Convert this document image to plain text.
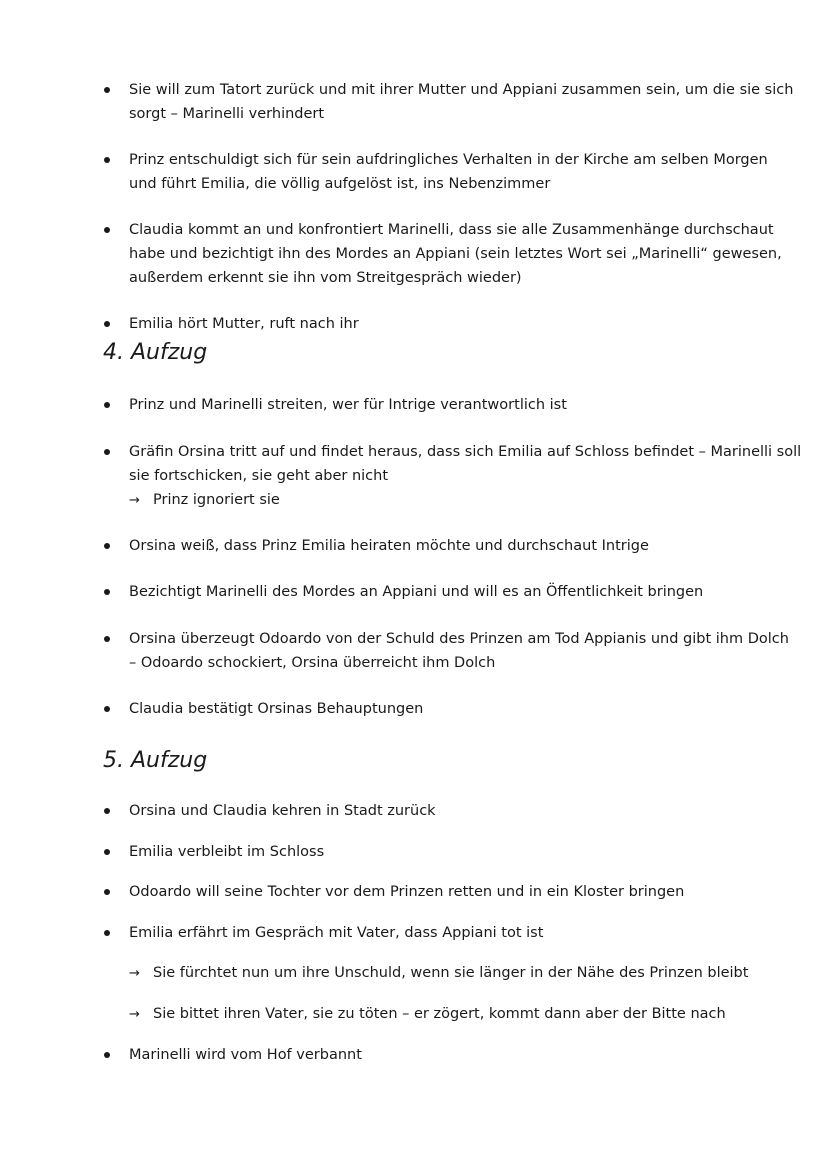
Sie will zum Tatort zurück und mit ihrer Mutter und Appiani zusammen sein, um die sie sich
sorgt – Marinelli verhindert
Prinz entschuldigt sich für sein aufdringliches Verhalten in der Kirche am selben Morgen
und führt Emilia, die völlig aufgelöst ist, ins Nebenzimmer
Claudia kommt an und konfrontiert Marinelli, dass sie alle Zusammenhänge durchschaut
habe und bezichtigt ihn des Mordes an Appiani (sein letztes Wort sei „Marinelli“ gewesen,
außerdem erkennt sie ihn vom Streitgespräch wieder)
Emilia hört Mutter, ruft nach ihr
4. Aufzug
Prinz und Marinelli streiten, wer für Intrige verantwortlich ist
Gräfin Orsina tritt auf und findet heraus, dass sich Emilia auf Schloss befindet – Marinelli soll
sie fortschicken, sie geht aber nicht
→ Prinz ignoriert sie
Orsina weiß, dass Prinz Emilia heiraten möchte und durchschaut Intrige
Bezichtigt Marinelli des Mordes an Appiani und will es an Öffentlichkeit bringen
Orsina überzeugt Odoardo von der Schuld des Prinzen am Tod Appianis und gibt ihm Dolch
– Odoardo schockiert, Orsina überreicht ihm Dolch
Claudia bestätigt Orsinas Behauptungen
5. Aufzug
Orsina und Claudia kehren in Stadt zurück
Emilia verbleibt im Schloss
Odoardo will seine Tochter vor dem Prinzen retten und in ein Kloster bringen
Emilia erfährt im Gespräch mit Vater, dass Appiani tot ist
→ Sie fürchtet nun um ihre Unschuld, wenn sie länger in der Nähe des Prinzen bleibt
→ Sie bittet ihren Vater, sie zu töten – er zögert, kommt dann aber der Bitte nach
Marinelli wird vom Hof verbannt
